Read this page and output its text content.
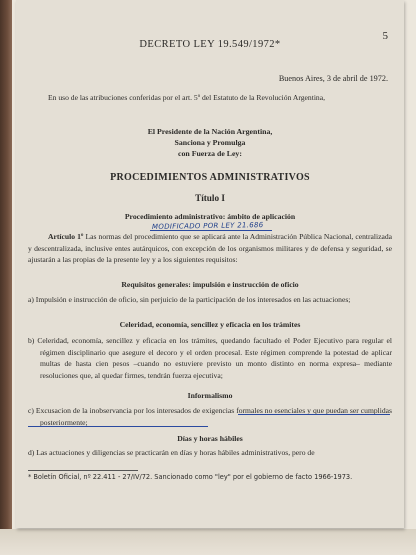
5
DECRETO LEY 19.549/1972*
Buenos Aires, 3 de abril de 1972.
En uso de las atribuciones conferidas por el art. 5º del Estatuto de la Revolución Argentina,
El Presidente de la Nación Argentina,
Sanciona y Promulga
con Fuerza de Ley:
PROCEDIMIENTOS ADMINISTRATIVOS
Título I
Procedimiento administrativo: ámbito de aplicación
MODIFICADO POR LEY 21.686
Artículo 1º Las normas del procedimiento que se aplicará ante la Administración Pública Nacional, centralizada y descentralizada, inclusive entes autárquicos, con excepción de los organismos militares y de defensa y seguridad, se ajustarán a las propias de la presente ley y a los siguientes requisitos:
Requisitos generales: impulsión e instrucción de oficio
a) Impulsión e instrucción de oficio, sin perjuicio de la participación de los interesados en las actuaciones;
Celeridad, economía, sencillez y eficacia en los trámites
b) Celeridad, economía, sencillez y eficacia en los trámites, quedando facultado el Poder Ejecutivo para regular el régimen disciplinario que asegure el decoro y el orden procesal. Este régimen comprende la potestad de aplicar multas de hasta cien pesos –cuando no estuviere previsto un monto distinto en norma expresa– mediante resoluciones que, al quedar firmes, tendrán fuerza ejecutiva;
Informalismo
c) Excusacion de la inobservancia por los interesados de exigencias formales no esenciales y que puedan ser cumplidas posteriormente;
Días y horas hábiles
d) Las actuaciones y diligencias se practicarán en días y horas hábiles administrativos, pero de
* Boletín Oficial, nº 22.411 - 27/IV/72. Sancionado como "ley" por el gobierno de facto 1966-1973.
